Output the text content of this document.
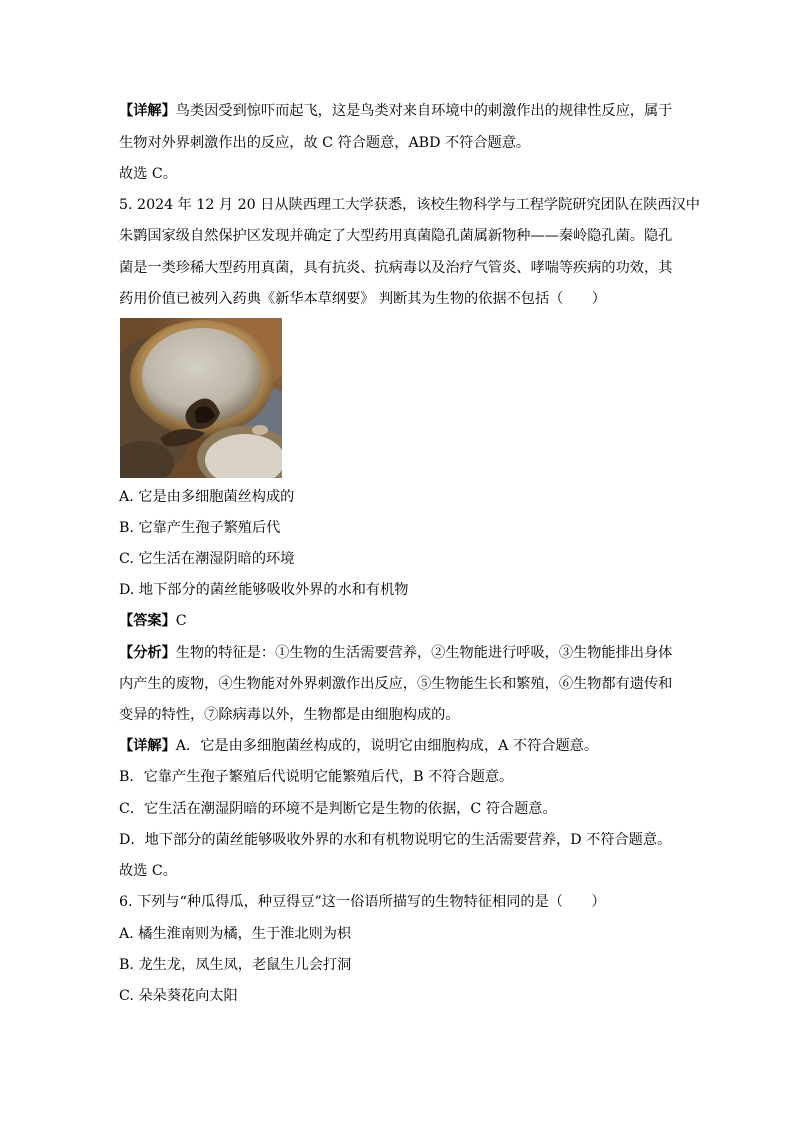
【详解】鸟类因受到惊吓而起飞，这是鸟类对来自环境中的刺激作出的规律性反应，属于
生物对外界刺激作出的反应，故 C 符合题意，ABD 不符合题意。
故选 C。
5. 2024 年 12 月 20 日从陕西理工大学获悉，该校生物科学与工程学院研究团队在陕西汉中
朱鹮国家级自然保护区发现并确定了大型药用真菌隐孔菌属新物种——秦岭隐孔菌。隐孔
菌是一类珍稀大型药用真菌，具有抗炎、抗病毒以及治疗气管炎、哮喘等疾病的功效，其
药用价值已被列入药典《新华本草纲要》 判断其为生物的依据不包括（　　）
A. 它是由多细胞菌丝构成的
B. 它靠产生孢子繁殖后代
C. 它生活在潮湿阴暗的环境
D. 地下部分的菌丝能够吸收外界的水和有机物
【答案】C
【分析】生物的特征是：①生物的生活需要营养，②生物能进行呼吸，③生物能排出身体
内产生的废物，④生物能对外界刺激作出反应，⑤生物能生长和繁殖，⑥生物都有遗传和
变异的特性，⑦除病毒以外，生物都是由细胞构成的。
【详解】A．它是由多细胞菌丝构成的，说明它由细胞构成，A 不符合题意。
B．它靠产生孢子繁殖后代说明它能繁殖后代，B 不符合题意。
C．它生活在潮湿阴暗的环境不是判断它是生物的依据，C 符合题意。
D．地下部分的菌丝能够吸收外界的水和有机物说明它的生活需要营养，D 不符合题意。
故选 C。
6. 下列与“种瓜得瓜，种豆得豆”这一俗语所描写的生物特征相同的是（　　）
A. 橘生淮南则为橘，生于淮北则为枳
B. 龙生龙，凤生凤，老鼠生儿会打洞
C. 朵朵葵花向太阳
